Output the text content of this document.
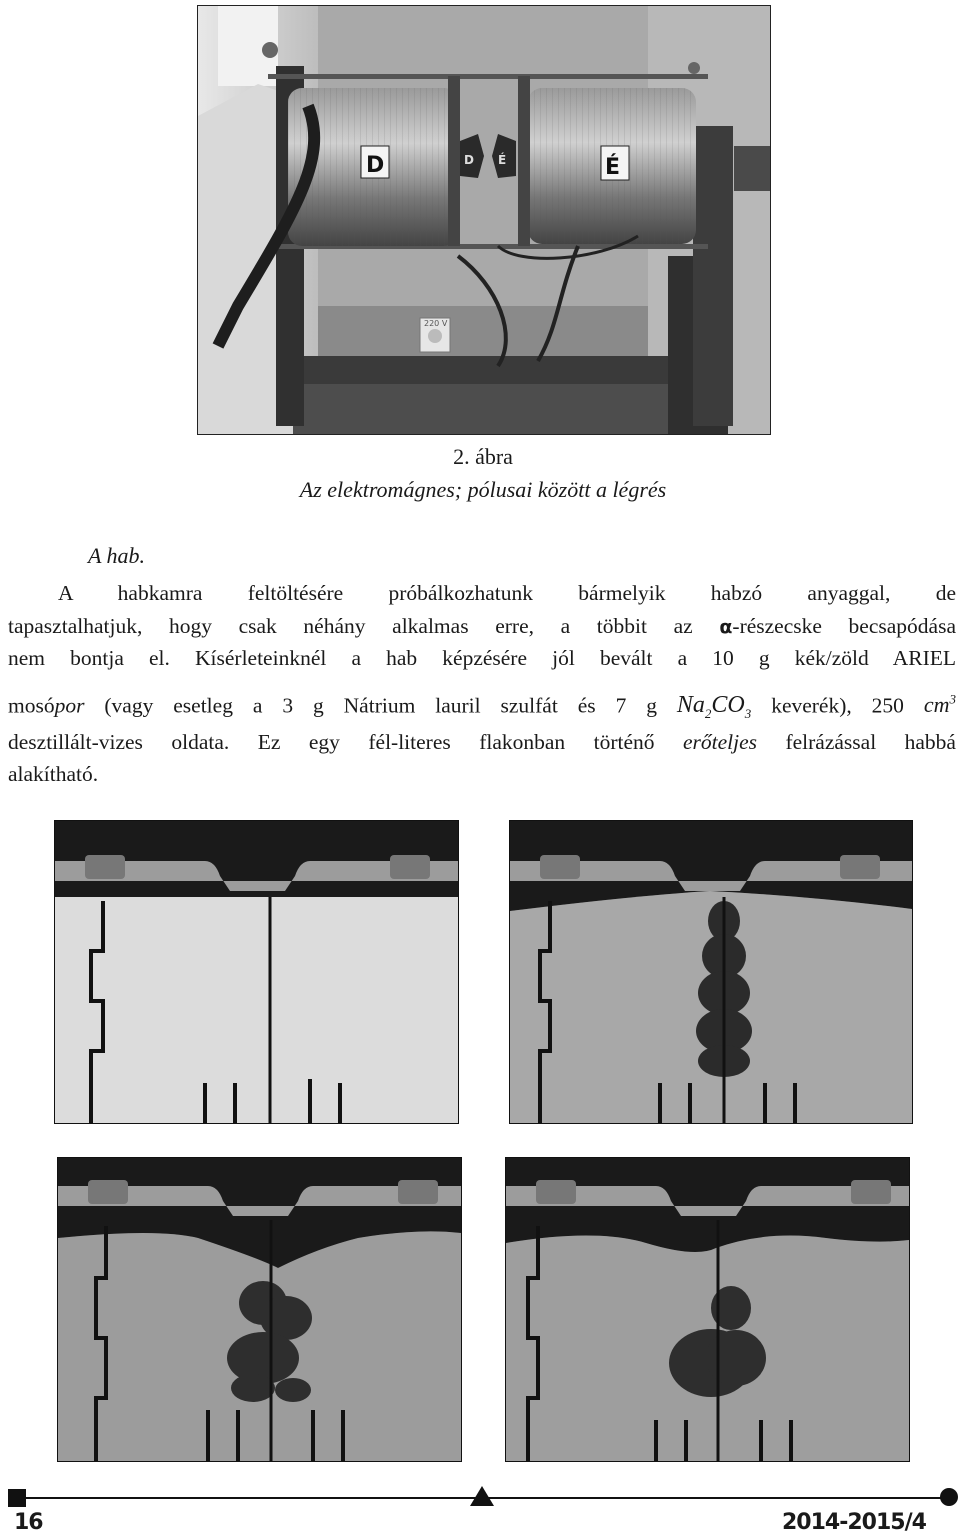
220 V
D	É
D É
2. ábra
Az elektromágnes; pólusai között a légrés
A hab.
A habkamra feltöltésére próbálkozhatunk bármelyik habzó anyaggal, de
tapasztalhatjuk, hogy csak néhány alkalmas erre, a többit az α-részecske becsapódása
nem bontja el. Kísérleteinknél a hab képzésére jól bevált a 10 g kék/zöld ARIEL
mosópor (vagy esetleg a 3 g Nátrium lauril szulfát és 7 g $Na_2CO_3$ keverék), 250 $cm^3$
desztillált-vizes oldata. Ez egy fél-literes flakonban történő erőteljes felrázással habbá
alakítható.
16	2014-2015/4
